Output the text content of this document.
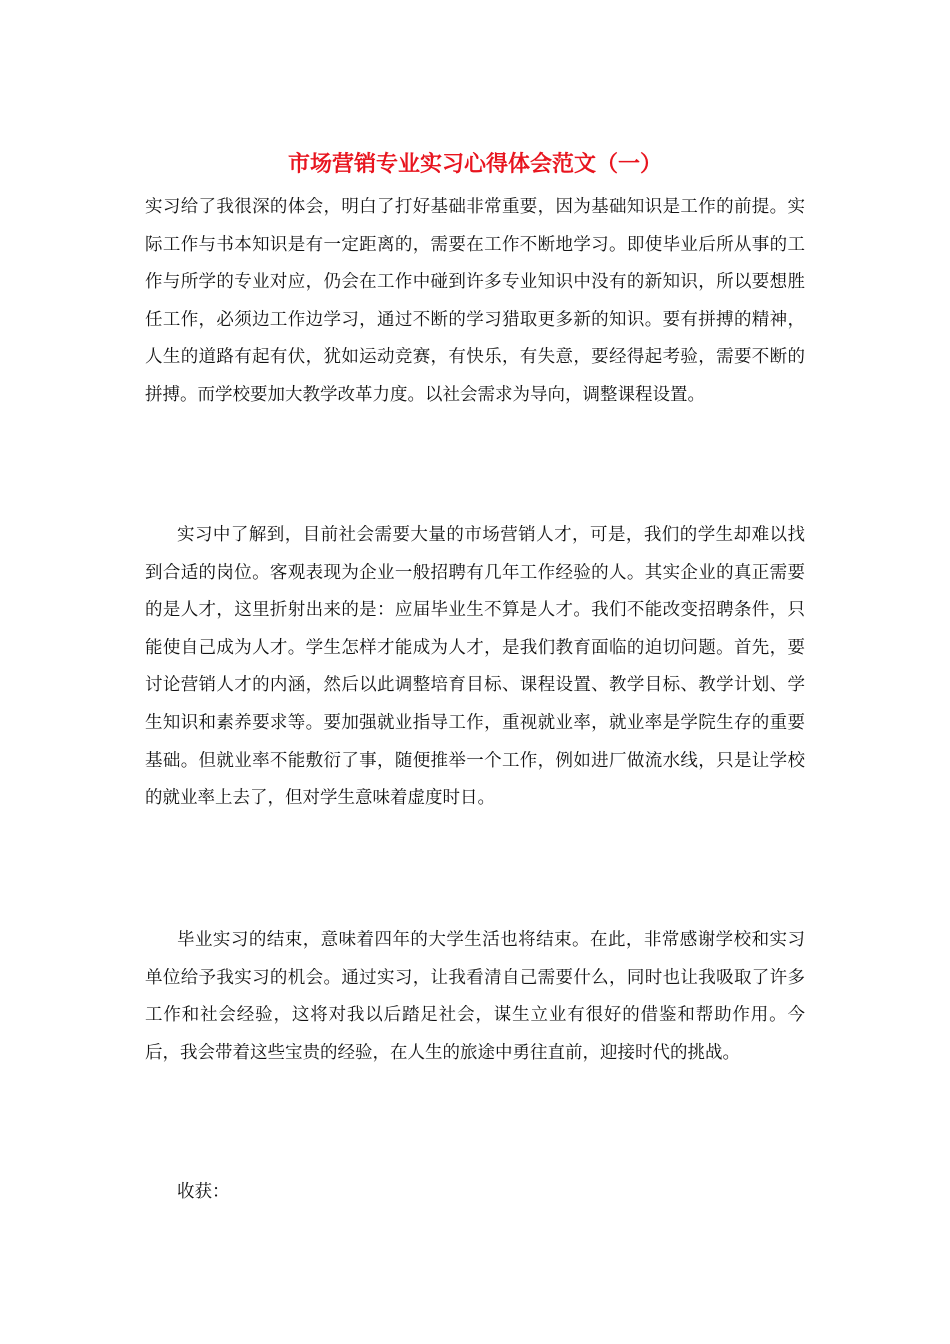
市场营销专业实习心得体会范文（一）

实习给了我很深的体会，明白了打好基础非常重要，因为基础知识是工作的前提。实际工作与书本知识是有一定距离的，需要在工作不断地学习。即使毕业后所从事的工作与所学的专业对应，仍会在工作中碰到许多专业知识中没有的新知识，所以要想胜任工作，必须边工作边学习，通过不断的学习猎取更多新的知识。要有拼搏的精神，人生的道路有起有伏，犹如运动竞赛，有快乐，有失意，要经得起考验，需要不断的拼搏。而学校要加大教学改革力度。以社会需求为导向，调整课程设置。

实习中了解到，目前社会需要大量的市场营销人才，可是，我们的学生却难以找到合适的岗位。客观表现为企业一般招聘有几年工作经验的人。其实企业的真正需要的是人才，这里折射出来的是：应届毕业生不算是人才。我们不能改变招聘条件，只能使自己成为人才。学生怎样才能成为人才，是我们教育面临的迫切问题。首先，要讨论营销人才的内涵，然后以此调整培育目标、课程设置、教学目标、教学计划、学生知识和素养要求等。要加强就业指导工作，重视就业率，就业率是学院生存的重要基础。但就业率不能敷衍了事，随便推举一个工作，例如进厂做流水线，只是让学校的就业率上去了，但对学生意味着虚度时日。

毕业实习的结束，意味着四年的大学生活也将结束。在此，非常感谢学校和实习单位给予我实习的机会。通过实习，让我看清自己需要什么，同时也让我吸取了许多工作和社会经验，这将对我以后踏足社会，谋生立业有很好的借鉴和帮助作用。今后，我会带着这些宝贵的经验，在人生的旅途中勇往直前，迎接时代的挑战。

收获：
